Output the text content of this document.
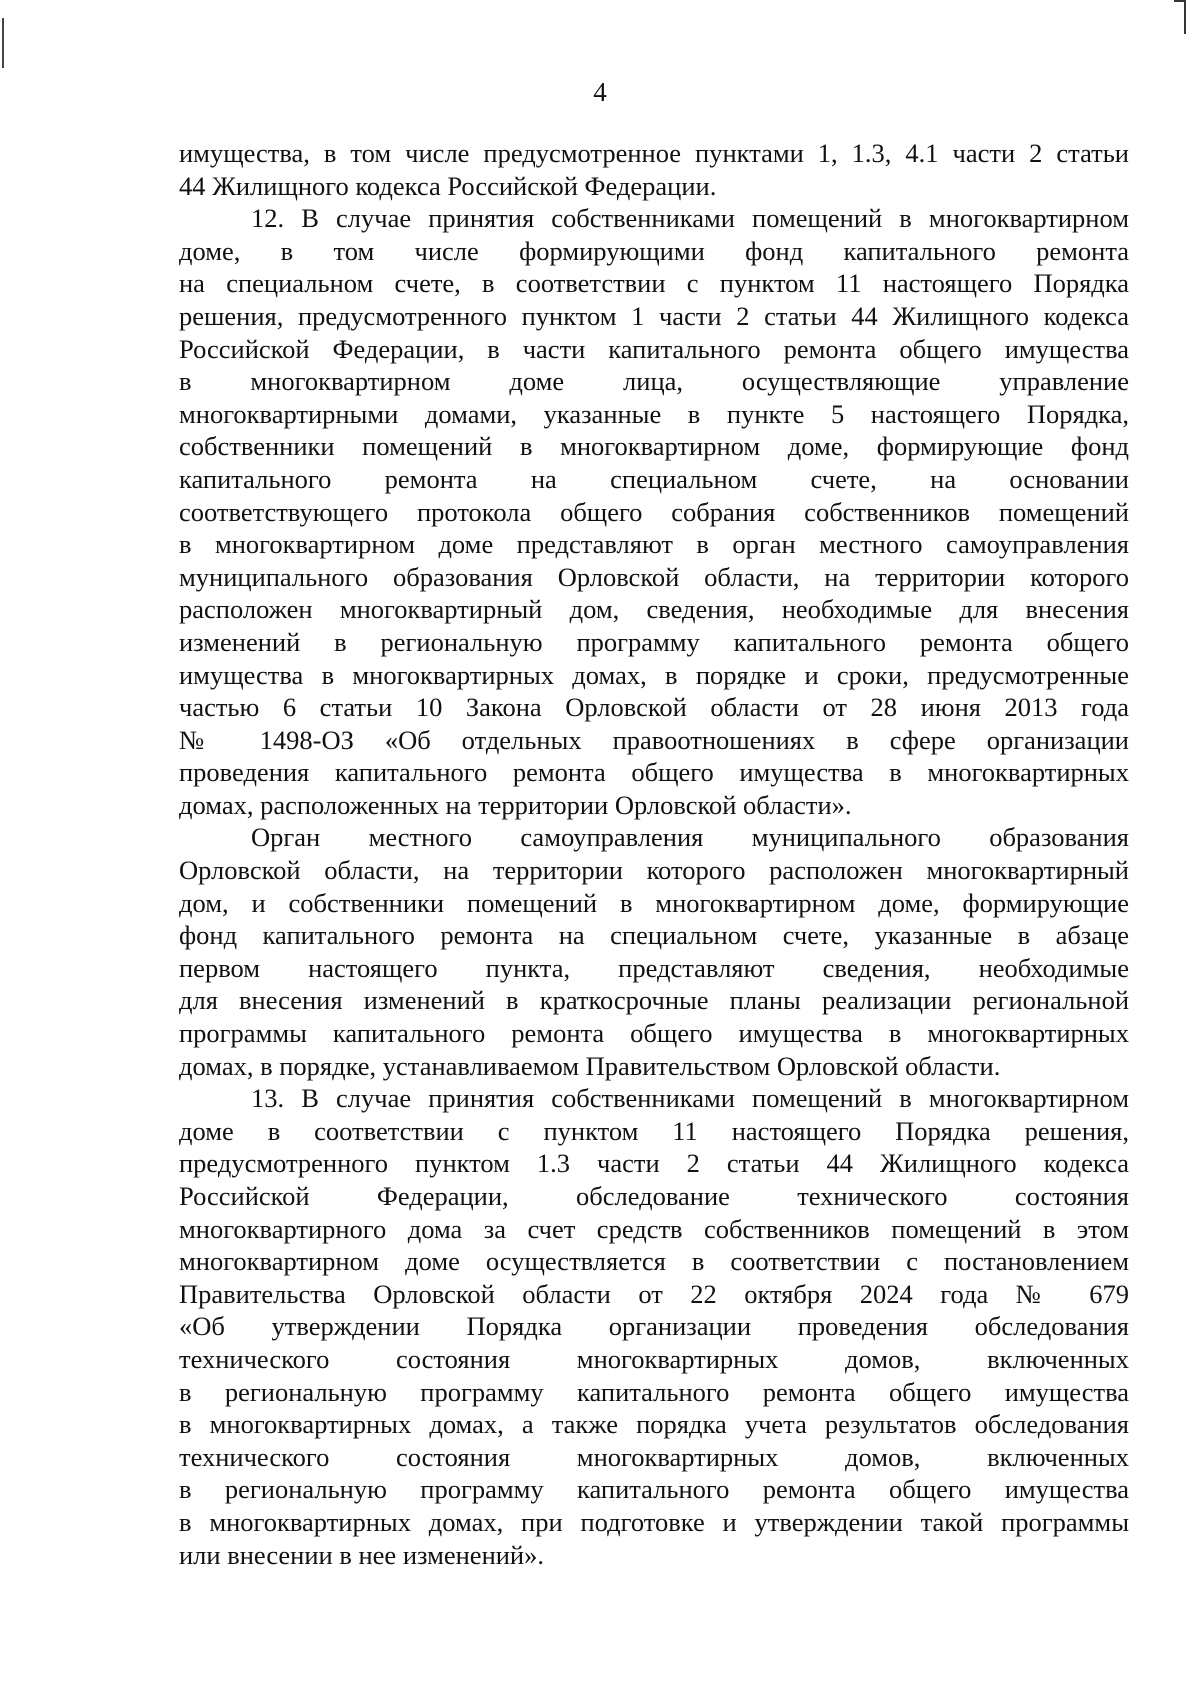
4
имущества, в том числе предусмотренное пунктами 1, 1.3, 4.1 части 2 статьи
44 Жилищного кодекса Российской Федерации.
12. В случае принятия собственниками помещений в многоквартирном
доме, в том числе формирующими фонд капитального ремонта
на специальном счете, в соответствии с пунктом 11 настоящего Порядка
решения, предусмотренного пунктом 1 части 2 статьи 44 Жилищного кодекса
Российской Федерации, в части капитального ремонта общего имущества
в многоквартирном доме лица, осуществляющие управление
многоквартирными домами, указанные в пункте 5 настоящего Порядка,
собственники помещений в многоквартирном доме, формирующие фонд
капитального ремонта на специальном счете, на основании
соответствующего протокола общего собрания собственников помещений
в многоквартирном доме представляют в орган местного самоуправления
муниципального образования Орловской области, на территории которого
расположен многоквартирный дом, сведения, необходимые для внесения
изменений в региональную программу капитального ремонта общего
имущества в многоквартирных домах, в порядке и сроки, предусмотренные
частью 6 статьи 10 Закона Орловской области от 28 июня 2013 года
№ 1498-ОЗ «Об отдельных правоотношениях в сфере организации
проведения капитального ремонта общего имущества в многоквартирных
домах, расположенных на территории Орловской области».
Орган местного самоуправления муниципального образования
Орловской области, на территории которого расположен многоквартирный
дом, и собственники помещений в многоквартирном доме, формирующие
фонд капитального ремонта на специальном счете, указанные в абзаце
первом настоящего пункта, представляют сведения, необходимые
для внесения изменений в краткосрочные планы реализации региональной
программы капитального ремонта общего имущества в многоквартирных
домах, в порядке, устанавливаемом Правительством Орловской области.
13. В случае принятия собственниками помещений в многоквартирном
доме в соответствии с пунктом 11 настоящего Порядка решения,
предусмотренного пунктом 1.3 части 2 статьи 44 Жилищного кодекса
Российской Федерации, обследование технического состояния
многоквартирного дома за счет средств собственников помещений в этом
многоквартирном доме осуществляется в соответствии с постановлением
Правительства Орловской области от 22 октября 2024 года № 679
«Об утверждении Порядка организации проведения обследования
технического состояния многоквартирных домов, включенных
в региональную программу капитального ремонта общего имущества
в многоквартирных домах, а также порядка учета результатов обследования
технического состояния многоквартирных домов, включенных
в региональную программу капитального ремонта общего имущества
в многоквартирных домах, при подготовке и утверждении такой программы
или внесении в нее изменений».
